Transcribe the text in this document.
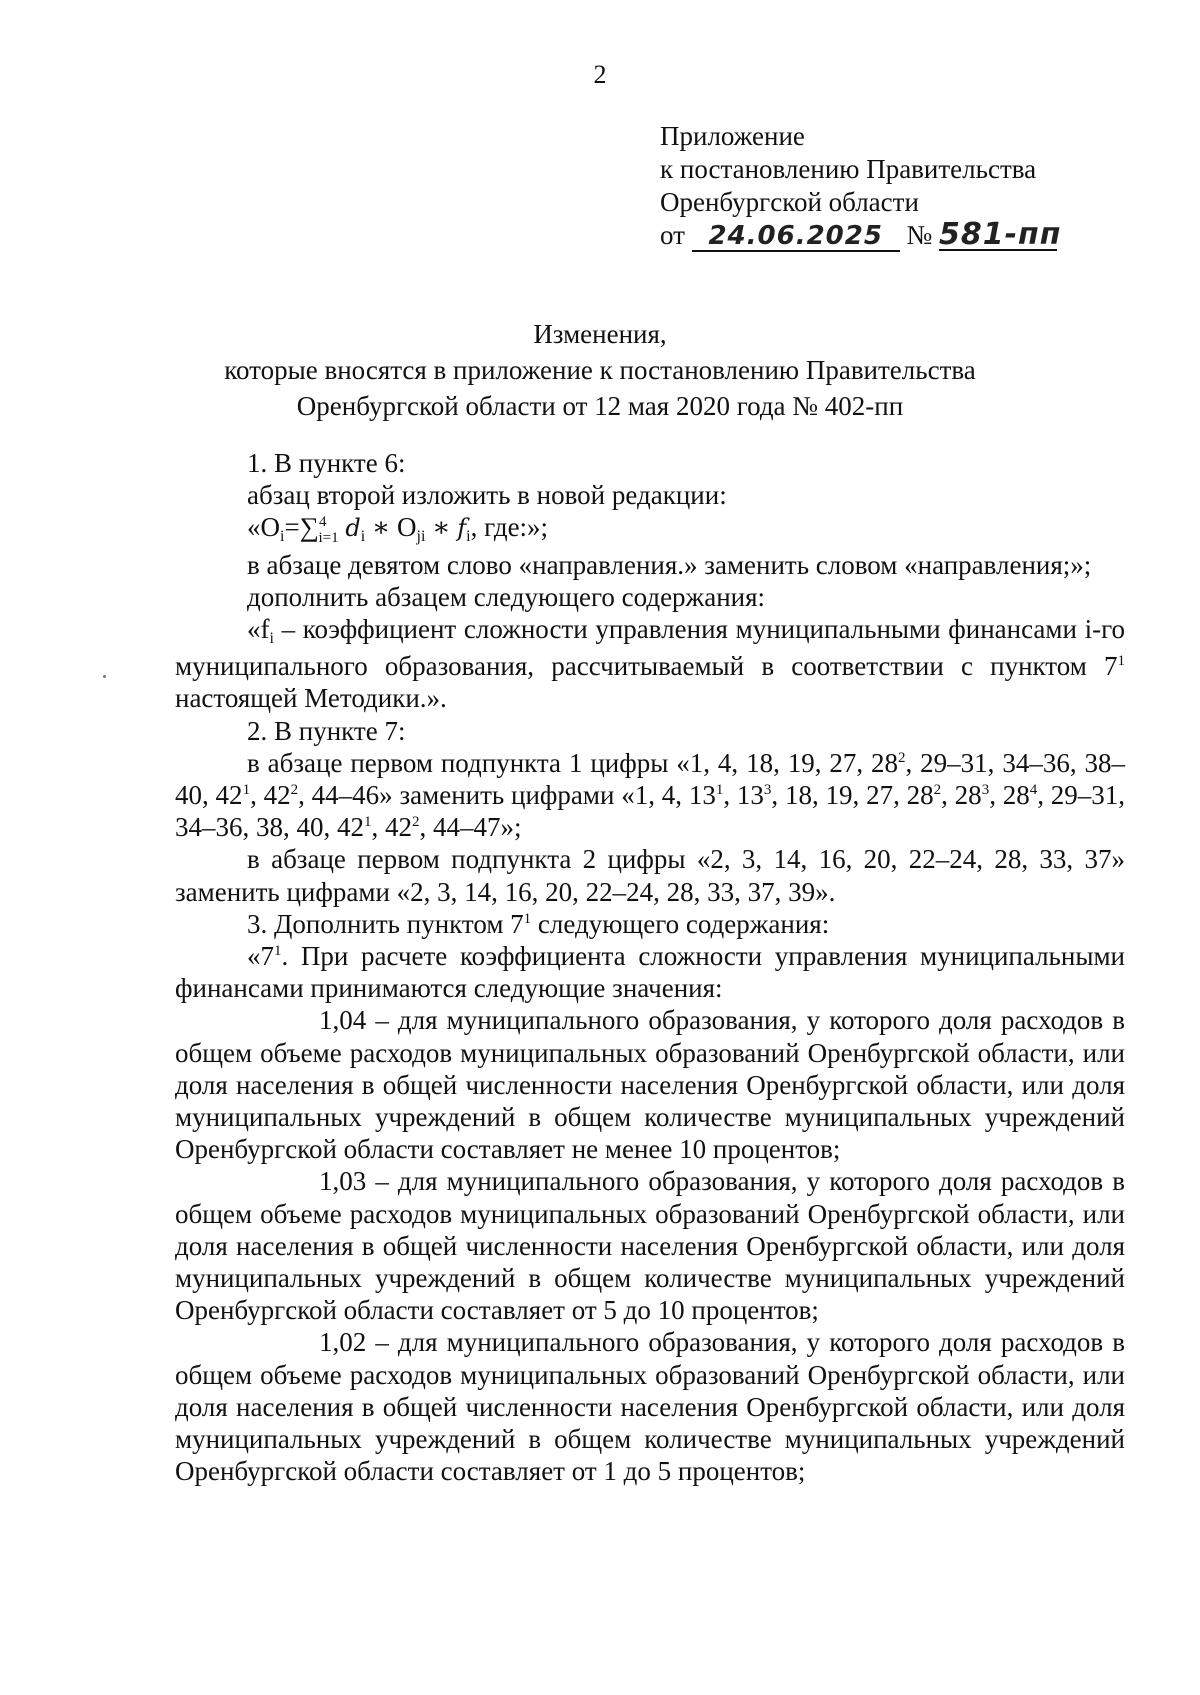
2
Приложение
к постановлению Правительства
Оренбургской области
от 24.06.2025 № 581-пп
Изменения,
которые вносятся в приложение к постановлению Правительства
Оренбургской области от 12 мая 2020 года № 402-пп

1. В пункте 6:

абзац второй изложить в новой редакции:

«Oi=∑$^4_{i=1}$ di ∗ Oji ∗ fi, где:»;

в абзаце девятом слово «направления.» заменить словом «направления;»;

дополнить абзацем следующего содержания:

«fi – коэффициент сложности управления муниципальными финансами i-го муниципального образования, рассчитываемый в соответствии с пунктом $7^1$ настоящей Методики.».

2. В пункте 7:

в абзаце первом подпункта 1 цифры «1, 4, 18, 19, 27, $28^2$, 29–31, 34–36, 38–40, $42^1$, $42^2$, 44–46» заменить цифрами «1, 4, $13^1$, $13^3$, 18, 19, 27, $28^2$, $28^3$, $28^4$, 29–31, 34–36, 38, 40, $42^1$, $42^2$, 44–47»;

в абзаце первом подпункта 2 цифры «2, 3, 14, 16, 20, 22–24, 28, 33, 37» заменить цифрами «2, 3, 14, 16, 20, 22–24, 28, 33, 37, 39».

3. Дополнить пунктом $7^1$ следующего содержания:

«$7^1$. При расчете коэффициента сложности управления муниципальными финансами принимаются следующие значения:

1,04 – для муниципального образования, у которого доля расходов в общем объеме расходов муниципальных образований Оренбургской области, или доля населения в общей численности населения Оренбургской области, или доля муниципальных учреждений в общем количестве муниципальных учреждений Оренбургской области составляет не менее 10 процентов;

1,03 – для муниципального образования, у которого доля расходов в общем объеме расходов муниципальных образований Оренбургской области, или доля населения в общей численности населения Оренбургской области, или доля муниципальных учреждений в общем количестве муниципальных учреждений Оренбургской области составляет от 5 до 10 процентов;

1,02 – для муниципального образования, у которого доля расходов в общем объеме расходов муниципальных образований Оренбургской области, или доля населения в общей численности населения Оренбургской области, или доля муниципальных учреждений в общем количестве муниципальных учреждений Оренбургской области составляет от 1 до 5 процентов;
